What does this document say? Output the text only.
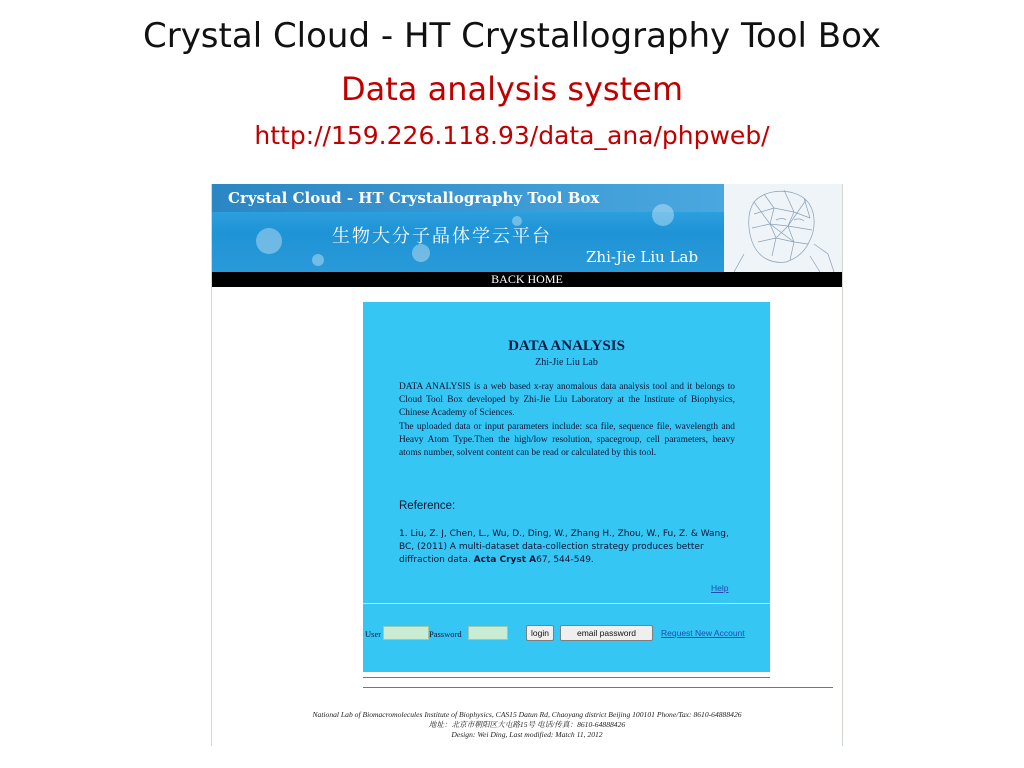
Crystal Cloud - HT Crystallography Tool Box
Data analysis system
http://159.226.118.93/data_ana/phpweb/
Crystal Cloud - HT Crystallography Tool Box
生物大分子晶体学云平台
Zhi-Jie Liu Lab
BACK HOME
DATA ANALYSIS
Zhi-Jie Liu Lab

DATA ANALYSIS is a web based x-ray anomalous data analysis tool and it belongs to Cloud Tool Box developed by Zhi-Jie Liu Laboratory at the Institute of Biophysics, Chinese Academy of Sciences.

The uploaded data or input parameters include: sca file, sequence file, wavelength and Heavy Atom Type.Then the high/low resolution, spacegroup, cell parameters, heavy atoms number, solvent content can be read or calculated by this tool.

Reference:
1. Liu, Z. J, Chen, L., Wu, D., Ding, W., Zhang H., Zhou, W., Fu, Z. & Wang, BC, (2011) A multi-dataset data-collection strategy produces better diffraction data. Acta Cryst A67, 544-549.
Help
User	Password	login	email password	Request New Account
National Lab of Biomacromolecules Institute of Biophysics, CAS15 Datun Rd, Chaoyang district Beijing 100101 Phone/Tax: 8610-64888426
地址：北京市朝阳区大屯路15号 电话/传真：8610-64888426
Design: Wei Ding, Last modified: Match 11, 2012
